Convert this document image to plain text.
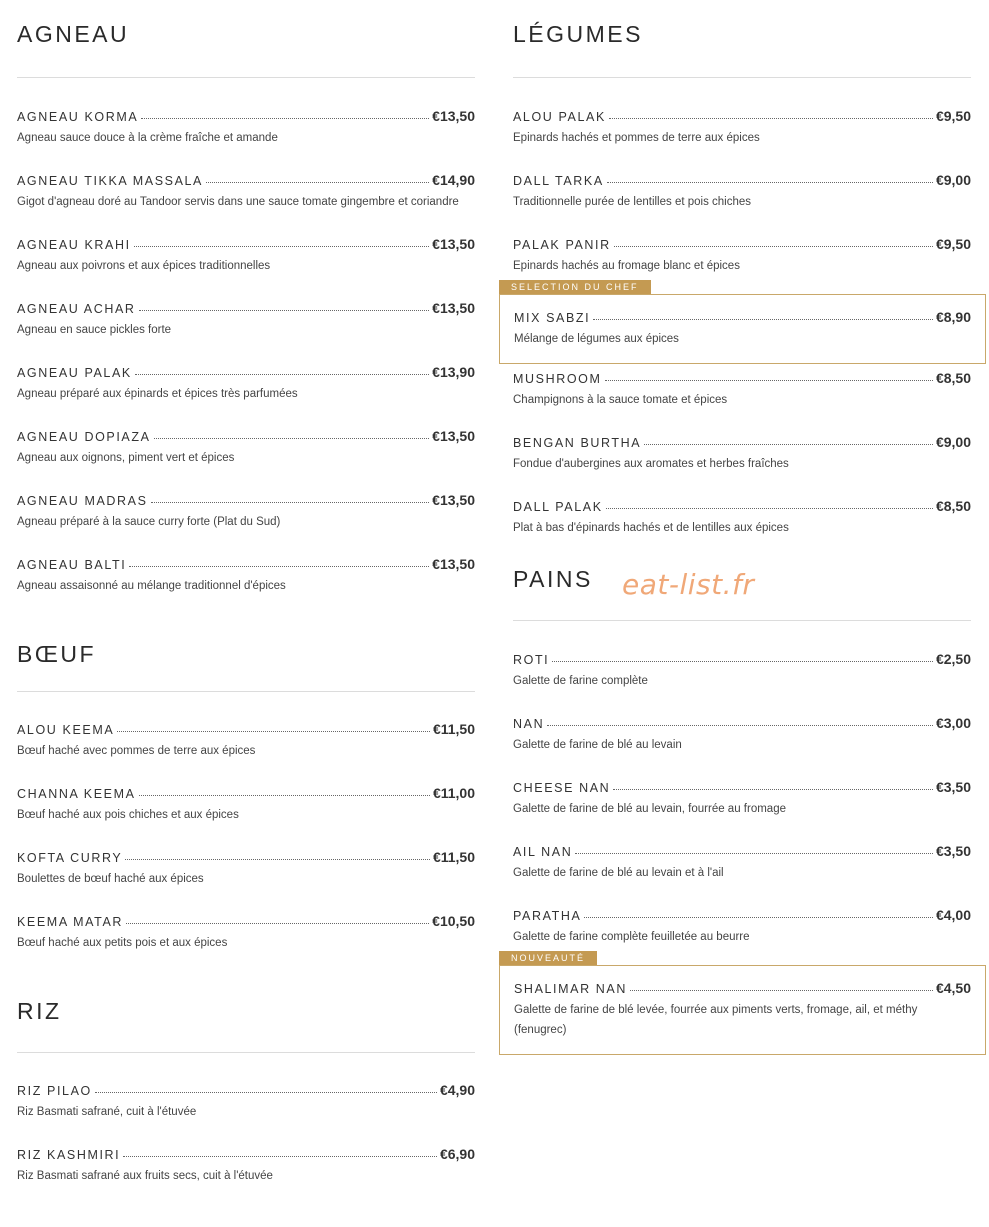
AGNEAU
AGNEAU KORMA	€13,50
Agneau sauce douce à la crème fraîche et amande
AGNEAU TIKKA MASSALA	€14,90
Gigot d'agneau doré au Tandoor servis dans une sauce tomate gingembre et coriandre
AGNEAU KRAHI	€13,50
Agneau aux poivrons et aux épices traditionnelles
AGNEAU ACHAR	€13,50
Agneau en sauce pickles forte
AGNEAU PALAK	€13,90
Agneau préparé aux épinards et épices très parfumées
AGNEAU DOPIAZA	€13,50
Agneau aux oignons, piment vert et épices
AGNEAU MADRAS	€13,50
Agneau préparé à la sauce curry forte (Plat du Sud)
AGNEAU BALTI	€13,50
Agneau assaisonné au mélange traditionnel d'épices
BŒUF
ALOU KEEMA	€11,50
Bœuf haché avec pommes de terre aux épices
CHANNA KEEMA	€11,00
Bœuf haché aux pois chiches et aux épices
KOFTA CURRY	€11,50
Boulettes de bœuf haché aux épices
KEEMA MATAR	€10,50
Bœuf haché aux petits pois et aux épices
RIZ
RIZ PILAO	€4,90
Riz Basmati safrané, cuit à l'étuvée
RIZ KASHMIRI	€6,90
Riz Basmati safrané aux fruits secs, cuit à l'étuvée
LÉGUMES
ALOU PALAK	€9,50
Epinards hachés et pommes de terre aux épices
DALL TARKA	€9,00
Traditionnelle purée de lentilles et pois chiches
PALAK PANIR	€9,50
Epinards hachés au fromage blanc et épices
SELECTION DU CHEF
MIX SABZI	€8,90
Mélange de légumes aux épices
MUSHROOM	€8,50
Champignons à la sauce tomate et épices
BENGAN BURTHA	€9,00
Fondue d'aubergines aux aromates et herbes fraîches
DALL PALAK	€8,50
Plat à bas d'épinards hachés et de lentilles aux épices
PAINS
ROTI	€2,50
Galette de farine complète
NAN	€3,00
Galette de farine de blé au levain
CHEESE NAN	€3,50
Galette de farine de blé au levain, fourrée au fromage
AIL NAN	€3,50
Galette de farine de blé au levain et à l'ail
PARATHA	€4,00
Galette de farine complète feuilletée au beurre
NOUVEAUTÉ
SHALIMAR NAN	€4,50
Galette de farine de blé levée, fourrée aux piments verts, fromage, ail, et méthy (fenugrec)
eat-list.fr
